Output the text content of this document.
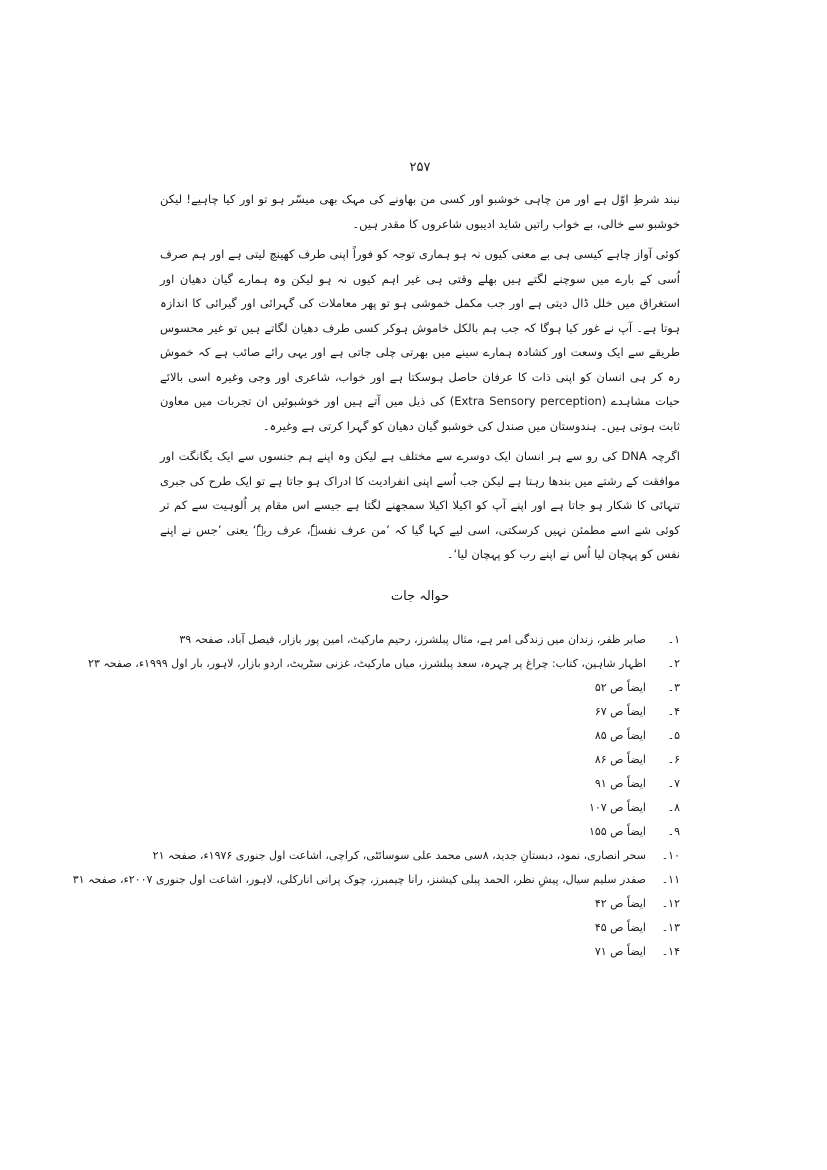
۲۵۷

نیند شرطِ اوّل ہے اور من چاہی خوشبو اور کسی من بھاونے کی مہک بھی میسّر ہو تو اور کیا چاہیے! لیکن خوشبو سے خالی، بے خواب راتیں شاید ادیبوں شاعروں کا مقدر ہیں۔

کوئی آواز چاہے کیسی ہی بے معنی کیوں نہ ہو ہماری توجہ کو فوراً اپنی طرف کھینچ لیتی ہے اور ہم صرف اُسی کے بارے میں سوچنے لگتے ہیں بھلے وقتی ہی غیر اہم کیوں نہ ہو لیکن وہ ہمارے گیان دھیان اور استغراق میں خلل ڈال دیتی ہے اور جب مکمل خموشی ہو تو پھر معاملات کی گہرائی اور گیرائی کا اندازہ ہوتا ہے۔ آپ نے غور کیا ہوگا کہ جب ہم بالکل خاموش ہوکر کسی طرف دھیان لگاتے ہیں تو غیر محسوس طریقے سے ایک وسعت اور کشادہ ہمارے سینے میں بھرتی چلی جاتی ہے اور یہی رائے صائب ہے کہ خموش رہ کر ہی انسان کو اپنی ذات کا عرفان حاصل ہوسکتا ہے اور خواب، شاعری اور وجی وغیرہ اسی بالائے حیات مشاہدے (Extra Sensory perception) کی ذیل میں آتے ہیں اور خوشبوئیں ان تجربات میں معاون ثابت ہوتی ہیں۔ ہندوستان میں صندل کی خوشبو گیان دھیان کو گہرا کرتی ہے وغیرہ۔

اگرچہ DNA کی رو سے ہر انسان ایک دوسرے سے مختلف ہے لیکن وہ اپنے ہم جنسوں سے ایک یگانگت اور موافقت کے رشتے میں بندھا رہتا ہے لیکن جب اُسے اپنی انفرادیت کا ادراک ہو جاتا ہے تو ایک طرح کی جبری تنہائی کا شکار ہو جاتا ہے اور اپنے آپ کو اکیلا اکیلا سمجھنے لگتا ہے جیسے اس مقام پر اُلوہیت سے کم تر کوئی شے اسے مطمئن نہیں کرسکتی، اسی لیے کہا گیا کہ ’من عرف نفسہٗ، عرف ربہٗ‘ یعنی ’جس نے اپنے نفس کو پہچان لیا اُس نے اپنے رب کو پہچان لیا‘۔

حوالہ جات
۱۔
صابر ظفر، زندان میں زندگی امر ہے، مثال پبلشرز، رحیم مارکیٹ، امین پور بازار، فیصل آباد، صفحہ ۳۹
۲۔
اظہار شاہین، کتاب: چراغ پر چہرہ، سعد پبلشرز، میاں مارکیٹ، غزنی سٹریٹ، اردو بازار، لاہور، بار اول ۱۹۹۹ء، صفحہ ۲۳
۳۔
ایضاً ص ۵۲
۴۔
ایضاً ص ۶۷
۵۔
ایضاً ص ۸۵
۶۔
ایضاً ص ۸۶
۷۔
ایضاً ص ۹۱
۸۔
ایضاً ص ۱۰۷
۹۔
ایضاً ص ۱۵۵
۱۰۔
سحر انصاری، نمود، دبستانِ جدید، ۸سی محمد علی سوسائٹی، کراچی، اشاعت اول جنوری ۱۹۷۶ء، صفحہ ۲۱
۱۱۔
صفدر سلیم سیال، پیشِ نظر، الحمد پبلی کیشنز، رانا چیمبرز، چوک پرانی انارکلی، لاہور، اشاعت اول جنوری ۲۰۰۷ء، صفحہ ۳۱
۱۲۔
ایضاً ص ۴۲
۱۳۔
ایضاً ص ۴۵
۱۴۔
ایضاً ص ۷۱
